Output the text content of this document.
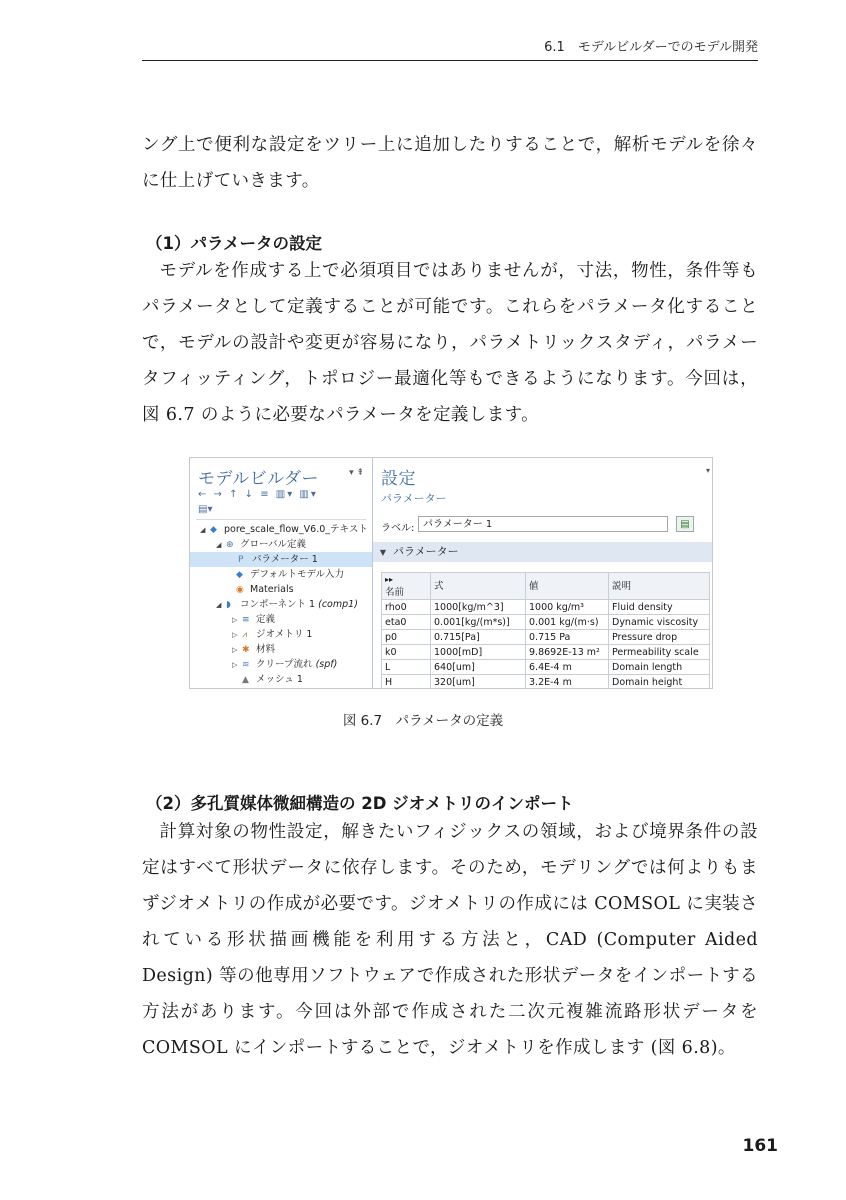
6.1　モデルビルダーでのモデル開発

ング上で便利な設定をツリー上に追加したりすることで，解析モデルを徐々に仕上げていきます。

（1）パラメータの設定

モデルを作成する上で必須項目ではありませんが，寸法，物性，条件等もパラメータとして定義することが可能です。これらをパラメータ化することで，モデルの設計や変更が容易になり，パラメトリックスタディ，パラメータフィッティング，トポロジー最適化等もできるようになります。今回は，図 6.7 のように必要なパラメータを定義します。

モデルビルダー	▾ ⇞
← → ↑ ↓ ≡ ▥▾ ▥▾
▤▾
◢ ◆ pore_scale_flow_V6.0_テキスト
◢ ⊕ グローバル定義
P パラメーター 1
◆ デフォルトモデル入力
◉ Materials
◢ ◗ コンポーネント 1 (comp1)
▷ ≡ 定義
▷ ⩘ ジオメトリ 1
▷ ✱ 材料
▷ ≋ クリープ流れ (spf)
▲ メッシュ 1
設定	▾
パラメーター
ラベル: パラメーター 1	▤
▼ パラメーター
▸▸
名前	式	値	説明
rho0	1000[kg/m^3]	1000 kg/m³	Fluid density
eta0	0.001[kg/(m*s)]	0.001 kg/(m·s)	Dynamic viscosity
p0	0.715[Pa]	0.715 Pa	Pressure drop
k0	1000[mD]	9.8692E-13 m²	Permeability scale
L	640[um]	6.4E-4 m	Domain length
H	320[um]	3.2E-4 m	Domain height
図 6.7　パラメータの定義
（2）多孔質媒体微細構造の 2D ジオメトリのインポート

計算対象の物性設定，解きたいフィジックスの領域，および境界条件の設定はすべて形状データに依存します。そのため，モデリングでは何よりもまずジオメトリの作成が必要です。ジオメトリの作成には COMSOL に実装されている形状描画機能を利用する方法と，CAD (Computer Aided Design) 等の他専用ソフトウェアで作成された形状データをインポートする方法があります。今回は外部で作成された二次元複雑流路形状データを COMSOL にインポートすることで，ジオメトリを作成します (図 6.8)。

161
